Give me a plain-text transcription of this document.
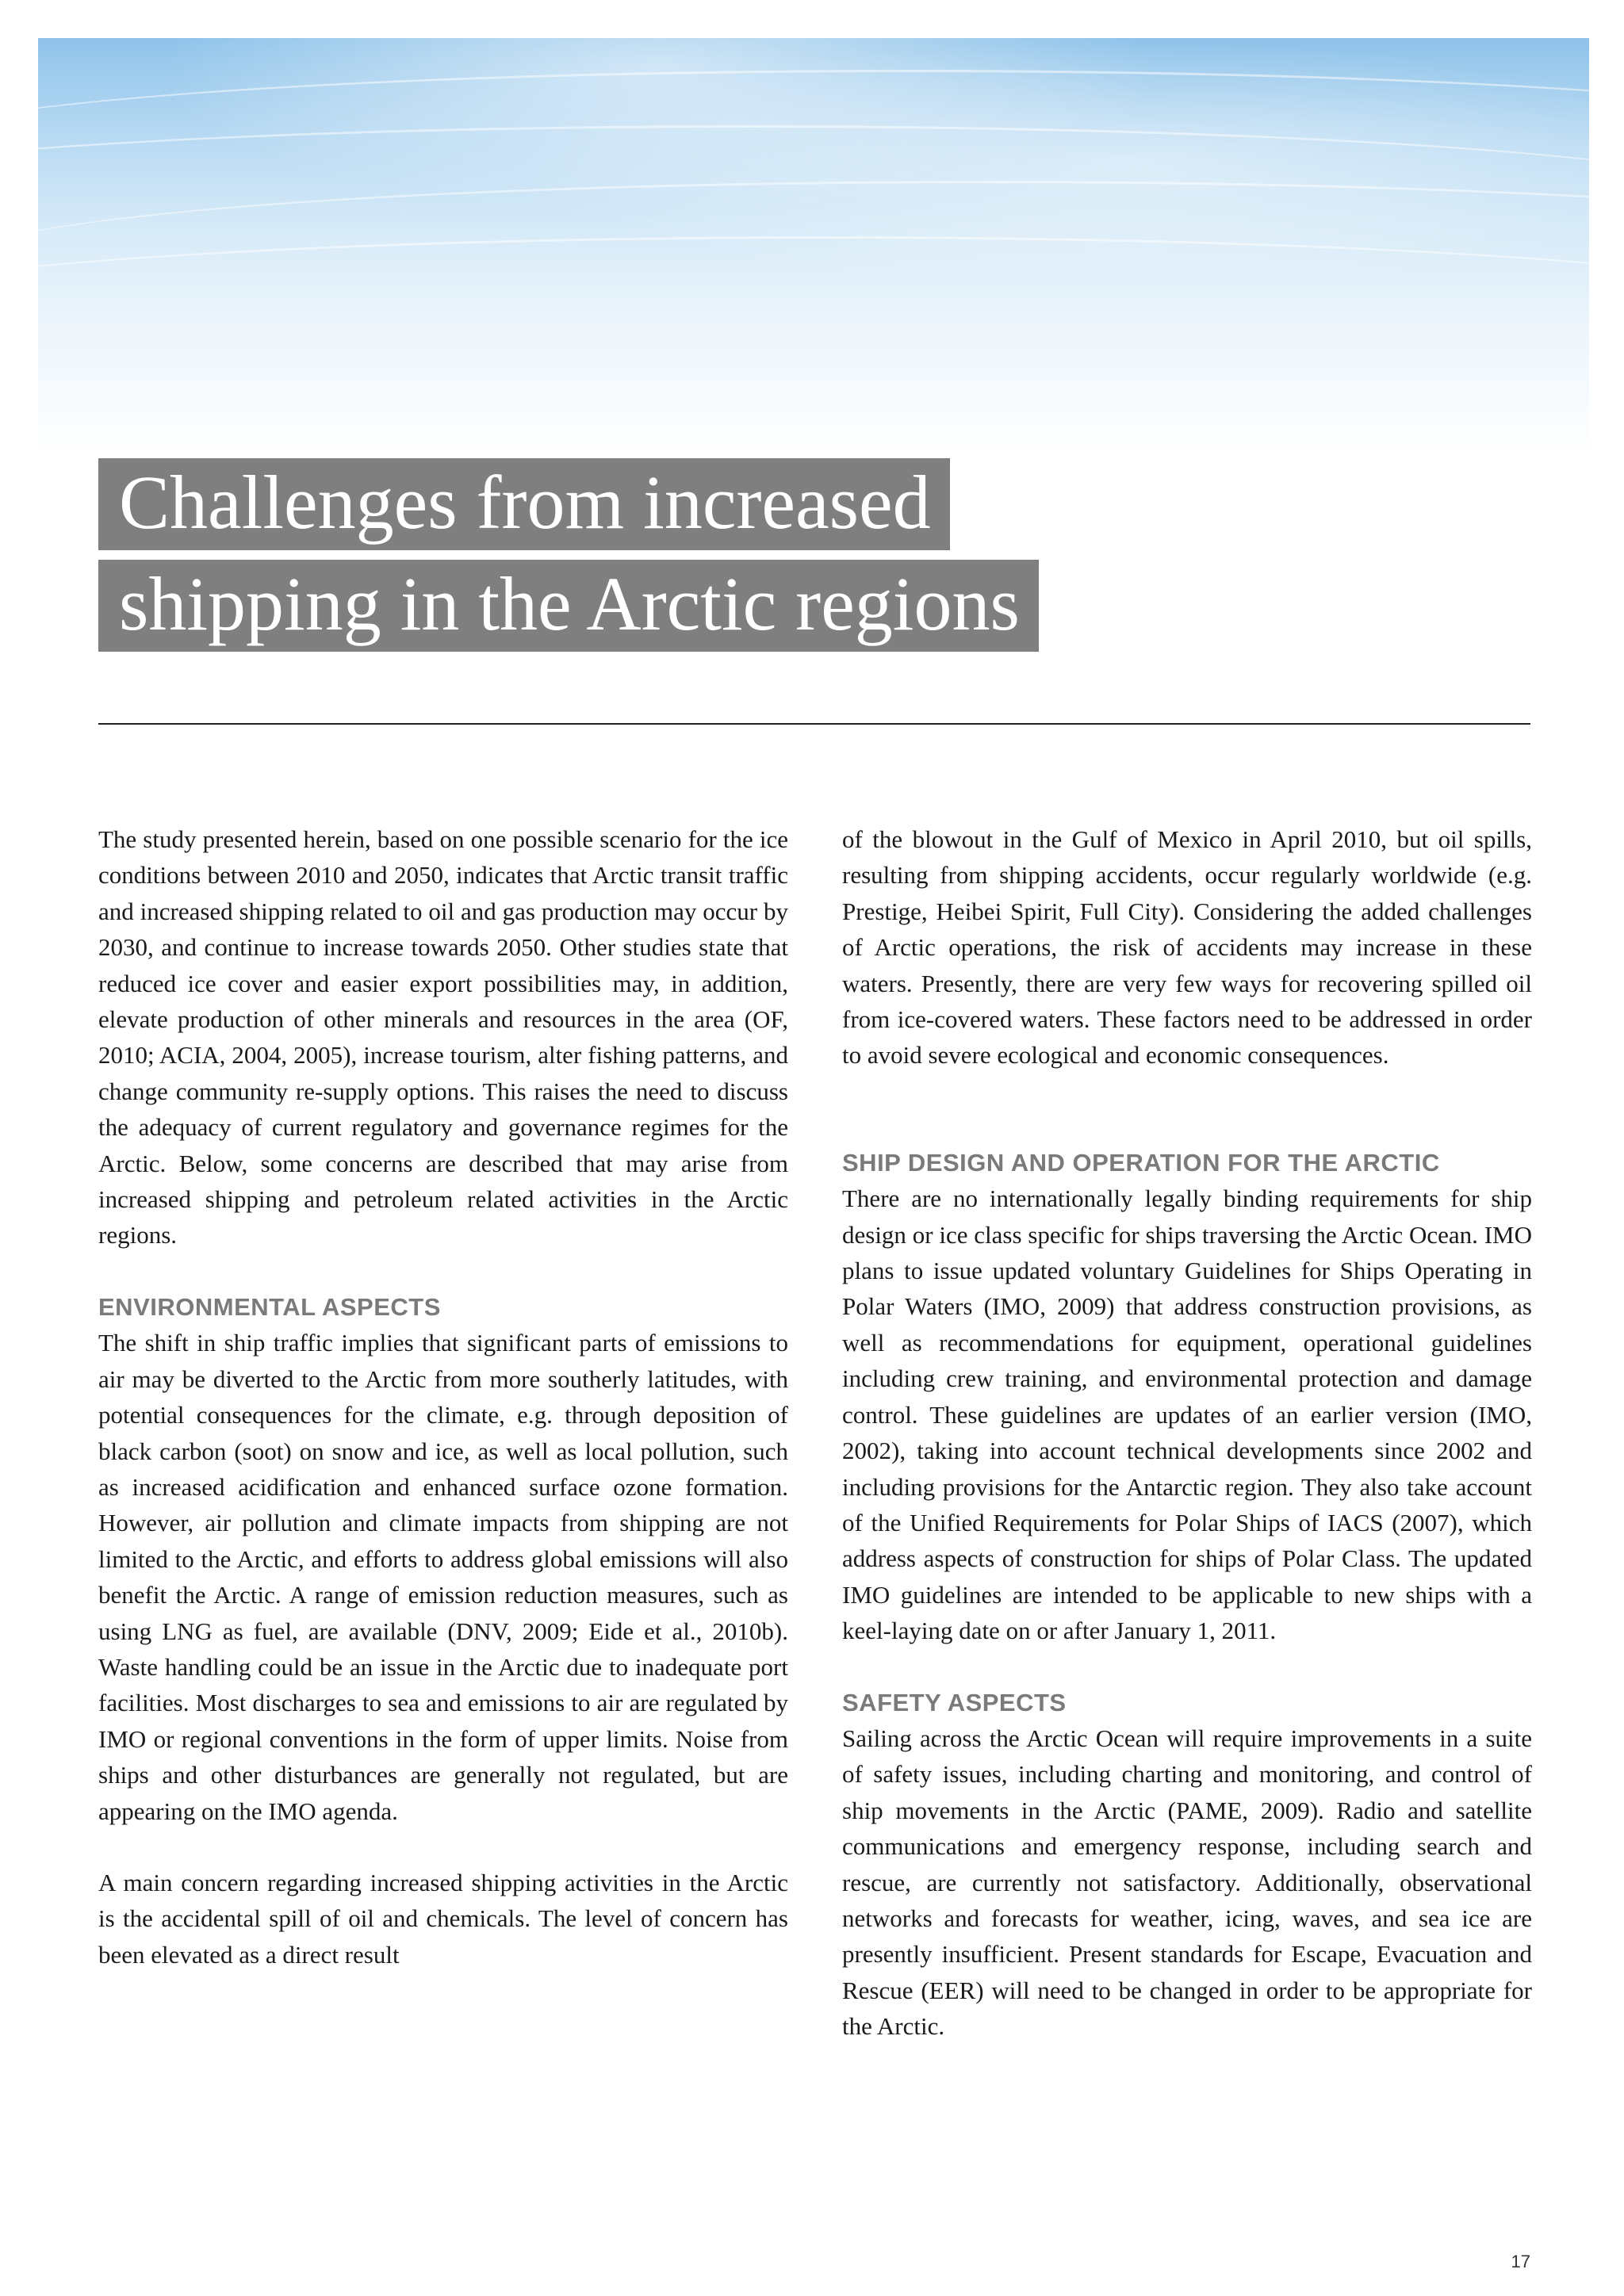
Challenges from increased
shipping in the Arctic regions

The study presented herein, based on one possible scenario for the ice conditions between 2010 and 2050, indicates that Arctic transit traffic and increased shipping related to oil and gas production may occur by 2030, and continue to increase towards 2050. Other studies state that reduced ice cover and easier export possibilities may, in addition, elevate production of other minerals and resources in the area (OF, 2010; ACIA, 2004, 2005), increase tourism, alter fishing patterns, and change community re-supply options. This raises the need to discuss the adequacy of current regulatory and governance regimes for the Arctic. Below, some concerns are described that may arise from increased shipping and petroleum related activities in the Arctic regions.

ENVIRONMENTAL ASPECTS

The shift in ship traffic implies that significant parts of emissions to air may be diverted to the Arctic from more southerly latitudes, with potential consequences for the climate, e.g. through deposition of black carbon (soot) on snow and ice, as well as local pollution, such as increased acidification and enhanced surface ozone formation. However, air pollution and climate impacts from shipping are not limited to the Arctic, and efforts to address global emissions will also benefit the Arctic. A range of emission reduction measures, such as using LNG as fuel, are available (DNV, 2009; Eide et al., 2010b). Waste handling could be an issue in the Arctic due to inadequate port facilities. Most discharges to sea and emissions to air are regulated by IMO or regional conventions in the form of upper limits. Noise from ships and other disturbances are generally not regulated, but are appearing on the IMO agenda.

A main concern regarding increased shipping activities in the Arctic is the accidental spill of oil and chemicals. The level of concern has been elevated as a direct result

of the blowout in the Gulf of Mexico in April 2010, but oil spills, resulting from shipping accidents, occur regularly worldwide (e.g. Prestige, Heibei Spirit, Full City). Considering the added challenges of Arctic operations, the risk of accidents may increase in these waters. Presently, there are very few ways for recovering spilled oil from ice-covered waters. These factors need to be addressed in order to avoid severe ecological and economic consequences.

SHIP DESIGN AND OPERATION FOR THE ARCTIC

There are no internationally legally binding requirements for ship design or ice class specific for ships traversing the Arctic Ocean. IMO plans to issue updated voluntary Guidelines for Ships Operating in Polar Waters (IMO, 2009) that address construction provisions, as well as recommendations for equipment, operational guidelines including crew training, and environmental protection and damage control. These guidelines are updates of an earlier version (IMO, 2002), taking into account technical developments since 2002 and including provisions for the Antarctic region. They also take account of the Unified Requirements for Polar Ships of IACS (2007), which address aspects of construction for ships of Polar Class. The updated IMO guidelines are intended to be applicable to new ships with a keel-laying date on or after January 1, 2011.

SAFETY ASPECTS

Sailing across the Arctic Ocean will require improvements in a suite of safety issues, including charting and monitoring, and control of ship movements in the Arctic (PAME, 2009). Radio and satellite communications and emergency response, including search and rescue, are currently not satisfactory. Additionally, observational networks and forecasts for weather, icing, waves, and sea ice are presently insufficient. Present standards for Escape, Evacuation and Rescue (EER) will need to be changed in order to be appropriate for the Arctic.

17
